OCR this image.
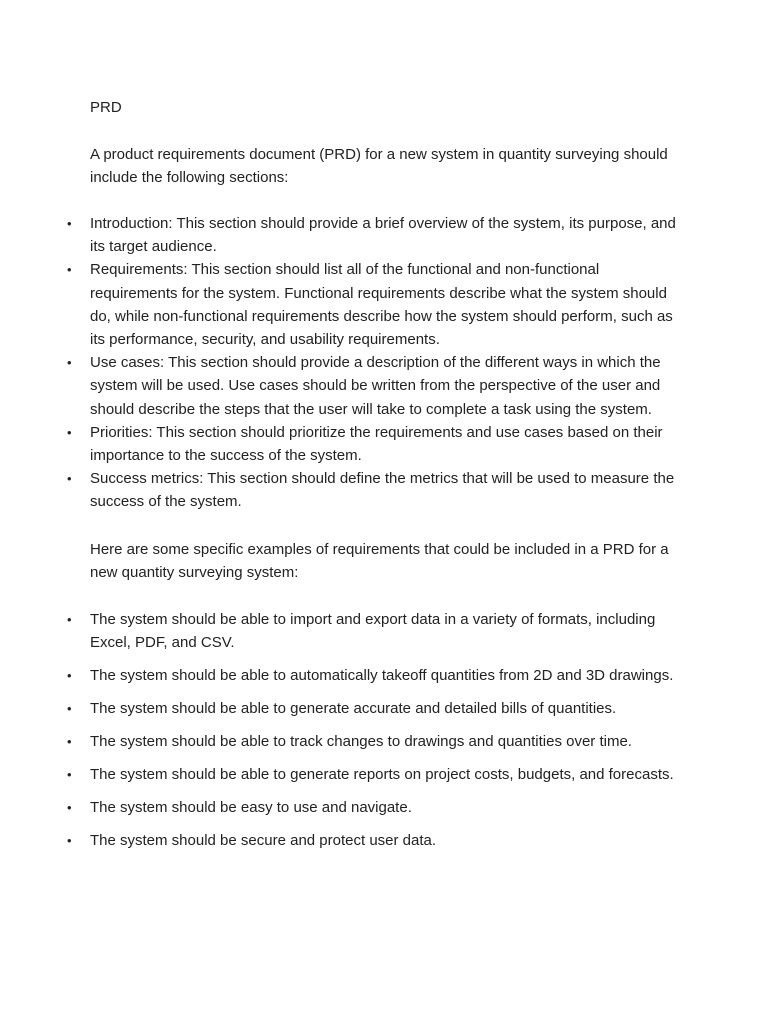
PRD

A product requirements document (PRD) for a new system in quantity surveying should include the following sections:

• Introduction: This section should provide a brief overview of the system, its purpose, and its target audience.
• Requirements: This section should list all of the functional and non-functional requirements for the system. Functional requirements describe what the system should do, while non-functional requirements describe how the system should perform, such as its performance, security, and usability requirements.
• Use cases: This section should provide a description of the different ways in which the system will be used. Use cases should be written from the perspective of the user and should describe the steps that the user will take to complete a task using the system.
• Priorities: This section should prioritize the requirements and use cases based on their importance to the success of the system.
• Success metrics: This section should define the metrics that will be used to measure the success of the system.

Here are some specific examples of requirements that could be included in a PRD for a new quantity surveying system:

• The system should be able to import and export data in a variety of formats, including Excel, PDF, and CSV.
• The system should be able to automatically takeoff quantities from 2D and 3D drawings.
• The system should be able to generate accurate and detailed bills of quantities.
• The system should be able to track changes to drawings and quantities over time.
• The system should be able to generate reports on project costs, budgets, and forecasts.
• The system should be easy to use and navigate.
• The system should be secure and protect user data.
